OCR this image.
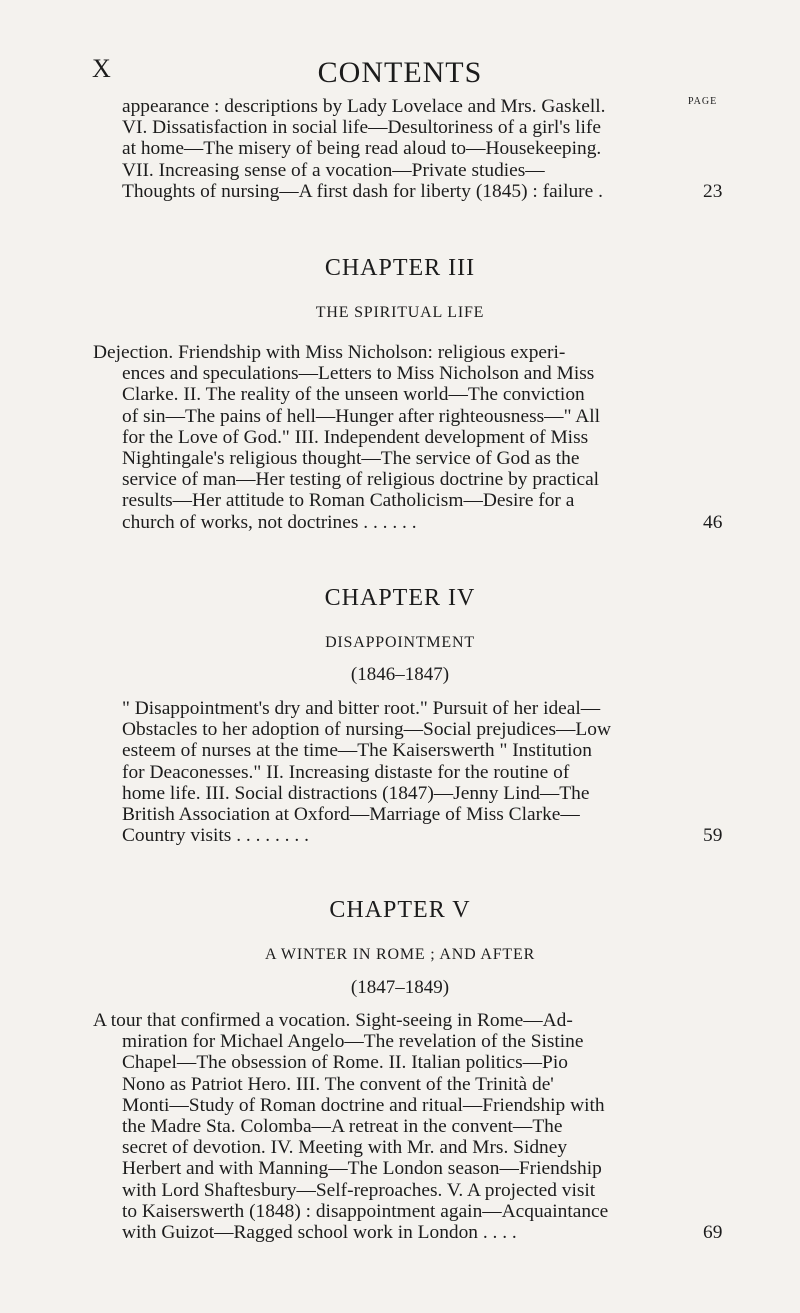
X	CONTENTS
PAGE
appearance : descriptions by Lady Lovelace and Mrs. Gaskell.
VI. Dissatisfaction in social life—Desultoriness of a girl's life
at home—The misery of being read aloud to—Housekeeping.
VII. Increasing sense of a vocation—Private studies—
Thoughts of nursing—A first dash for liberty (1845) : failure .	23
CHAPTER III
THE SPIRITUAL LIFE
Dejection. Friendship with Miss Nicholson: religious experi-
ences and speculations—Letters to Miss Nicholson and Miss
Clarke. II. The reality of the unseen world—The conviction
of sin—The pains of hell—Hunger after righteousness—" All
for the Love of God." III. Independent development of Miss
Nightingale's religious thought—The service of God as the
service of man—Her testing of religious doctrine by practical
results—Her attitude to Roman Catholicism—Desire for a
church of works, not doctrines . . . . . .	46
CHAPTER IV
DISAPPOINTMENT
(1846–1847)
" Disappointment's dry and bitter root." Pursuit of her ideal—
Obstacles to her adoption of nursing—Social prejudices—Low
esteem of nurses at the time—The Kaiserswerth " Institution
for Deaconesses." II. Increasing distaste for the routine of
home life. III. Social distractions (1847)—Jenny Lind—The
British Association at Oxford—Marriage of Miss Clarke—
Country visits . . . . . . . .	59
CHAPTER V
A WINTER IN ROME ; AND AFTER
(1847–1849)
A tour that confirmed a vocation. Sight-seeing in Rome—Ad-
miration for Michael Angelo—The revelation of the Sistine
Chapel—The obsession of Rome. II. Italian politics—Pio
Nono as Patriot Hero. III. The convent of the Trinità de'
Monti—Study of Roman doctrine and ritual—Friendship with
the Madre Sta. Colomba—A retreat in the convent—The
secret of devotion. IV. Meeting with Mr. and Mrs. Sidney
Herbert and with Manning—The London season—Friendship
with Lord Shaftesbury—Self-reproaches. V. A projected visit
to Kaiserswerth (1848) : disappointment again—Acquaintance
with Guizot—Ragged school work in London . . . .	69
